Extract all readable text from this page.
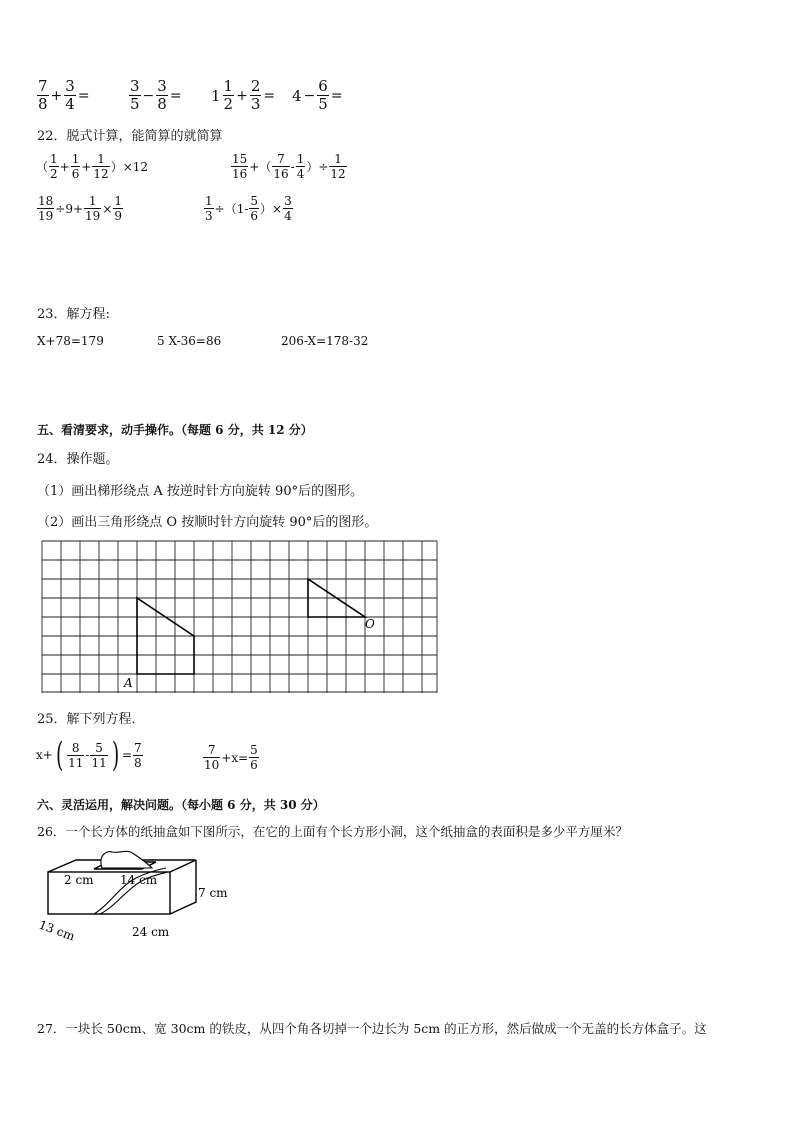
$\frac{7}{8} + \frac{3}{4}$ =	$\frac{3}{5} - \frac{3}{8} = 1 \frac{1}{2} + \frac{2}{3} = 4 - \frac{6}{5}$ =
22．脱式计算，能简算的就简算
（ $\frac{1}{2} + \frac{1}{6} + \frac{1}{12} )\times 12$	$\frac{15}{16}$ +（ $\frac{7}{16} - \frac{1}{4}$ ）÷ $\frac{1}{12}$
$\frac{18}{19} \div 9+ \frac{1}{19} \times \frac{1}{9}$	$\frac{1}{3} \div(1- \frac{5}{6}$ ）× $\frac{3}{4}$
23．解方程:
X+78=179	5 X-36=86	206-X=178-32
五、看清要求，动手操作。（每题 6 分，共 12 分）
24．操作题。
（1）画出梯形绕点 A 按逆时针方向旋转 90°后的图形。
（2）画出三角形绕点 O 按顺时针方向旋转 90°后的图形。
A
O
25．解下列方程．
x+ ( $\frac{8}{11} - \frac{5}{11}$ ) = $\frac{7}{8}$	$\frac{7}{10} +x= \frac{5}{6}$
六、灵活运用，解决问题。（每小题 6 分，共 30 分）
26．一个长方体的纸抽盒如下图所示，在它的上面有个长方形小洞，这个纸抽盒的表面积是多少平方厘米？
2 cm 14 cm
7 cm
13 cm	24 cm
27．一块长 50cm、宽 30cm 的铁皮，从四个角各切掉一个边长为 5cm 的正方形，然后做成一个无盖的长方体盒子。这
